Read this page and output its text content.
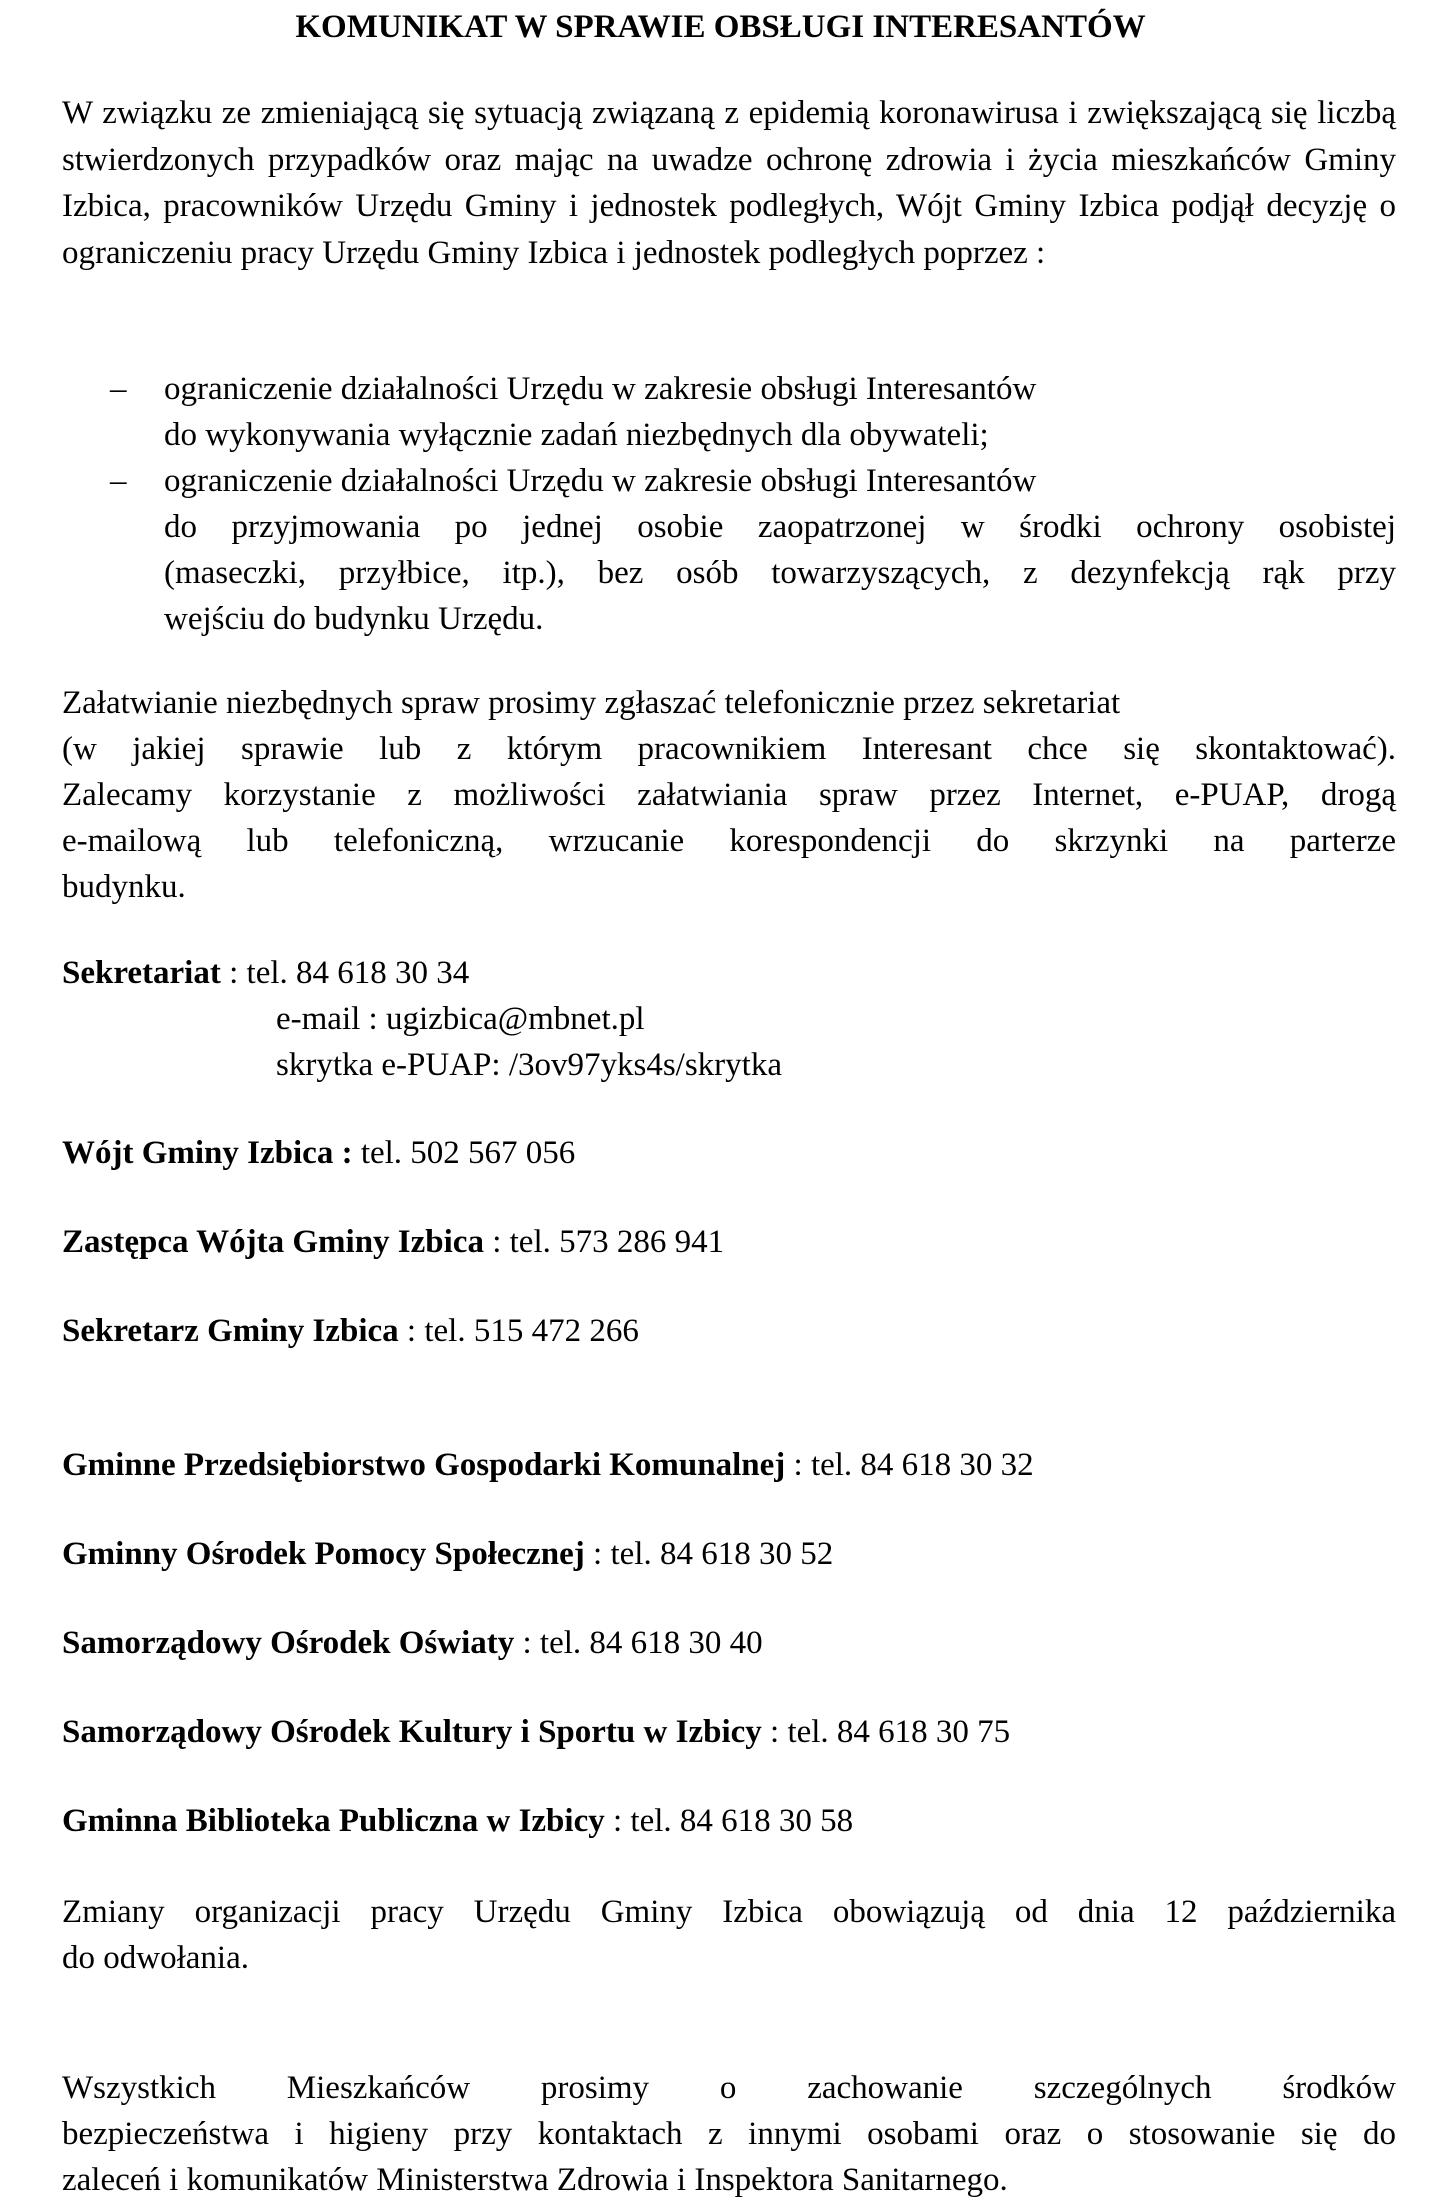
KOMUNIKAT W SPRAWIE OBSŁUGI INTERESANTÓW
W związku ze zmieniającą się sytuacją związaną z epidemią koronawirusa i zwiększającą się liczbą stwierdzonych przypadków oraz mając na uwadze ochronę zdrowia i życia mieszkańców Gminy Izbica, pracowników Urzędu Gminy i jednostek podległych, Wójt Gminy Izbica podjął decyzję o ograniczeniu pracy Urzędu Gminy Izbica i jednostek podległych poprzez :
– ograniczenie działalności Urzędu w zakresie obsługi Interesantów
do wykonywania wyłącznie zadań niezbędnych dla obywateli;
– ograniczenie działalności Urzędu w zakresie obsługi Interesantów
do przyjmowania po jednej osobie zaopatrzonej w środki ochrony osobistej
(maseczki, przyłbice, itp.), bez osób towarzyszących, z dezynfekcją rąk przy
wejściu do budynku Urzędu.
Załatwianie niezbędnych spraw prosimy zgłaszać telefonicznie przez sekretariat
(w jakiej sprawie lub z którym pracownikiem Interesant chce się skontaktować).
Zalecamy korzystanie z możliwości załatwiania spraw przez Internet, e-PUAP, drogą
e-mailową lub telefoniczną, wrzucanie korespondencji do skrzynki na parterze
budynku.
Sekretariat : tel. 84 618 30 34
e-mail : ugizbica@mbnet.pl
skrytka e-PUAP: /3ov97yks4s/skrytka
Wójt Gminy Izbica : tel. 502 567 056
Zastępca Wójta Gminy Izbica : tel. 573 286 941
Sekretarz Gminy Izbica : tel. 515 472 266
Gminne Przedsiębiorstwo Gospodarki Komunalnej : tel. 84 618 30 32
Gminny Ośrodek Pomocy Społecznej : tel. 84 618 30 52
Samorządowy Ośrodek Oświaty : tel. 84 618 30 40
Samorządowy Ośrodek Kultury i Sportu w Izbicy : tel. 84 618 30 75
Gminna Biblioteka Publiczna w Izbicy : tel. 84 618 30 58
Zmiany organizacji pracy Urzędu Gminy Izbica obowiązują od dnia 12 października
do odwołania.
Wszystkich Mieszkańców prosimy o zachowanie szczególnych środków
bezpieczeństwa i higieny przy kontaktach z innymi osobami oraz o stosowanie się do
zaleceń i komunikatów Ministerstwa Zdrowia i Inspektora Sanitarnego.
